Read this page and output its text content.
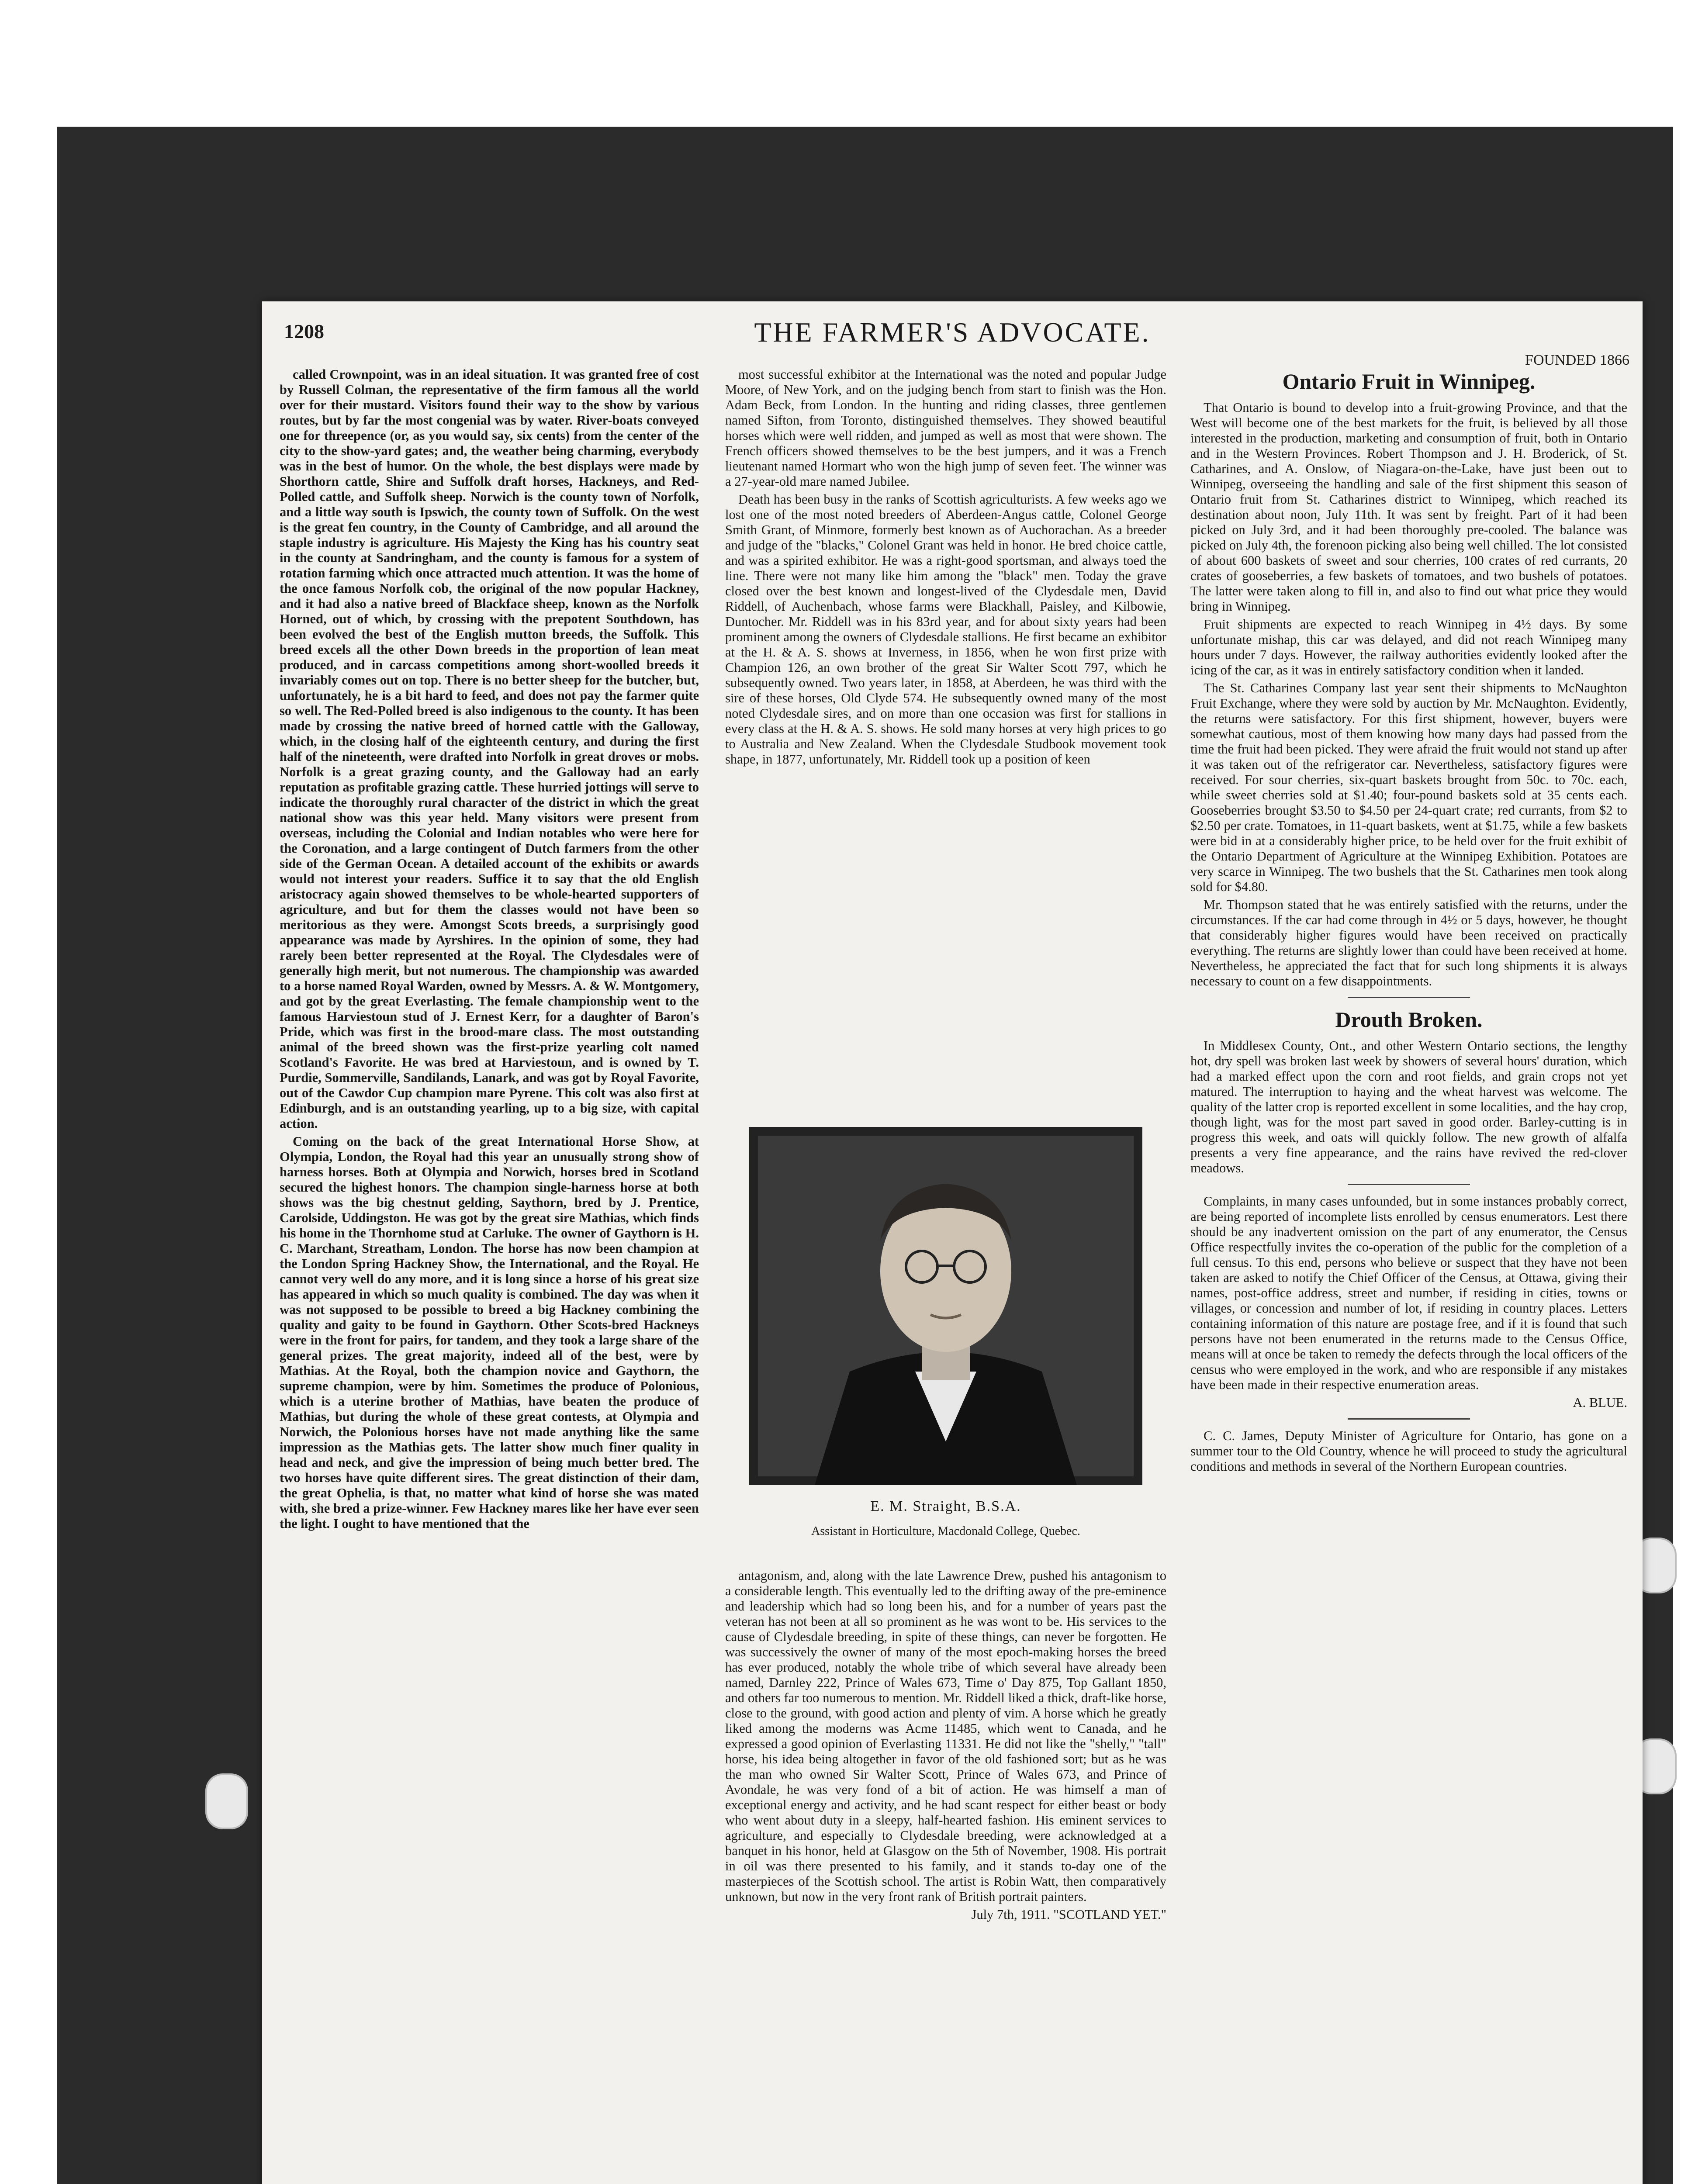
1208	THE FARMER'S ADVOCATE.
FOUNDED 1866

called Crownpoint, was in an ideal situation. It was granted free of cost by Russell Colman, the representative of the firm famous all the world over for their mustard. Visitors found their way to the show by various routes, but by far the most congenial was by water. River-boats conveyed one for threepence (or, as you would say, six cents) from the center of the city to the show-yard gates; and, the weather being charming, everybody was in the best of humor. On the whole, the best displays were made by Shorthorn cattle, Shire and Suffolk draft horses, Hackneys, and Red-Polled cattle, and Suffolk sheep. Norwich is the county town of Norfolk, and a little way south is Ipswich, the county town of Suffolk. On the west is the great fen country, in the County of Cambridge, and all around the staple industry is agriculture. His Majesty the King has his country seat in the county at Sandringham, and the county is famous for a system of rotation farming which once attracted much attention. It was the home of the once famous Norfolk cob, the original of the now popular Hackney, and it had also a native breed of Blackface sheep, known as the Norfolk Horned, out of which, by crossing with the prepotent Southdown, has been evolved the best of the English mutton breeds, the Suffolk. This breed excels all the other Down breeds in the proportion of lean meat produced, and in carcass competitions among short-woolled breeds it invariably comes out on top. There is no better sheep for the butcher, but, unfortunately, he is a bit hard to feed, and does not pay the farmer quite so well. The Red-Polled breed is also indigenous to the county. It has been made by crossing the native breed of horned cattle with the Galloway, which, in the closing half of the eighteenth century, and during the first half of the nineteenth, were drafted into Norfolk in great droves or mobs. Norfolk is a great grazing county, and the Galloway had an early reputation as profitable grazing cattle. These hurried jottings will serve to indicate the thoroughly rural character of the district in which the great national show was this year held. Many visitors were present from overseas, including the Colonial and Indian notables who were here for the Coronation, and a large contingent of Dutch farmers from the other side of the German Ocean. A detailed account of the exhibits or awards would not interest your readers. Suffice it to say that the old English aristocracy again showed themselves to be whole-hearted supporters of agriculture, and but for them the classes would not have been so meritorious as they were. Amongst Scots breeds, a surprisingly good appearance was made by Ayrshires. In the opinion of some, they had rarely been better represented at the Royal. The Clydesdales were of generally high merit, but not numerous. The championship was awarded to a horse named Royal Warden, owned by Messrs. A. & W. Montgomery, and got by the great Everlasting. The female championship went to the famous Harviestoun stud of J. Ernest Kerr, for a daughter of Baron's Pride, which was first in the brood-mare class. The most outstanding animal of the breed shown was the first-prize yearling colt named Scotland's Favorite. He was bred at Harviestoun, and is owned by T. Purdie, Sommerville, Sandilands, Lanark, and was got by Royal Favorite, out of the Cawdor Cup champion mare Pyrene. This colt was also first at Edinburgh, and is an outstanding yearling, up to a big size, with capital action.

Coming on the back of the great International Horse Show, at Olympia, London, the Royal had this year an unusually strong show of harness horses. Both at Olympia and Norwich, horses bred in Scotland secured the highest honors. The champion single-harness horse at both shows was the big chestnut gelding, Saythorn, bred by J. Prentice, Carolside, Uddingston. He was got by the great sire Mathias, which finds his home in the Thornhome stud at Carluke. The owner of Gaythorn is H. C. Marchant, Streatham, London. The horse has now been champion at the London Spring Hackney Show, the International, and the Royal. He cannot very well do any more, and it is long since a horse of his great size has appeared in which so much quality is combined. The day was when it was not supposed to be possible to breed a big Hackney combining the quality and gaity to be found in Gaythorn. Other Scots-bred Hackneys were in the front for pairs, for tandem, and they took a large share of the general prizes. The great majority, indeed all of the best, were by Mathias. At the Royal, both the champion novice and Gaythorn, the supreme champion, were by him. Sometimes the produce of Polonious, which is a uterine brother of Mathias, have beaten the produce of Mathias, but during the whole of these great contests, at Olympia and Norwich, the Polonious horses have not made anything like the same impression as the Mathias gets. The latter show much finer quality in head and neck, and give the impression of being much better bred. The two horses have quite different sires. The great distinction of their dam, the great Ophelia, is that, no matter what kind of horse she was mated with, she bred a prize-winner. Few Hackney mares like her have ever seen the light. I ought to have mentioned that the

most successful exhibitor at the International was the noted and popular Judge Moore, of New York, and on the judging bench from start to finish was the Hon. Adam Beck, from London. In the hunting and riding classes, three gentlemen named Sifton, from Toronto, distinguished themselves. They showed beautiful horses which were well ridden, and jumped as well as most that were shown. The French officers showed themselves to be the best jumpers, and it was a French lieutenant named Hormart who won the high jump of seven feet. The winner was a 27-year-old mare named Jubilee.

Death has been busy in the ranks of Scottish agriculturists. A few weeks ago we lost one of the most noted breeders of Aberdeen-Angus cattle, Colonel George Smith Grant, of Minmore, formerly best known as of Auchorachan. As a breeder and judge of the "blacks," Colonel Grant was held in honor. He bred choice cattle, and was a spirited exhibitor. He was a right-good sportsman, and always toed the line. There were not many like him among the "black" men. Today the grave closed over the best known and longest-lived of the Clydesdale men, David Riddell, of Auchenbach, whose farms were Blackhall, Paisley, and Kilbowie, Duntocher. Mr. Riddell was in his 83rd year, and for about sixty years had been prominent among the owners of Clydesdale stallions. He first became an exhibitor at the H. & A. S. shows at Inverness, in 1856, when he won first prize with Champion 126, an own brother of the great Sir Walter Scott 797, which he subsequently owned. Two years later, in 1858, at Aberdeen, he was third with the sire of these horses, Old Clyde 574. He subsequently owned many of the most noted Clydesdale sires, and on more than one occasion was first for stallions in every class at the H. & A. S. shows. He sold many horses at very high prices to go to Australia and New Zealand. When the Clydesdale Studbook movement took shape, in 1877, unfortunately, Mr. Riddell took up a position of keen

E. M. Straight, B.S.A.
Assistant in Horticulture, Macdonald College, Quebec.

antagonism, and, along with the late Lawrence Drew, pushed his antagonism to a considerable length. This eventually led to the drifting away of the pre-eminence and leadership which had so long been his, and for a number of years past the veteran has not been at all so prominent as he was wont to be. His services to the cause of Clydesdale breeding, in spite of these things, can never be forgotten. He was successively the owner of many of the most epoch-making horses the breed has ever produced, notably the whole tribe of which several have already been named, Darnley 222, Prince of Wales 673, Time o' Day 875, Top Gallant 1850, and others far too numerous to mention. Mr. Riddell liked a thick, draft-like horse, close to the ground, with good action and plenty of vim. A horse which he greatly liked among the moderns was Acme 11485, which went to Canada, and he expressed a good opinion of Everlasting 11331. He did not like the "shelly," "tall" horse, his idea being altogether in favor of the old fashioned sort; but as he was the man who owned Sir Walter Scott, Prince of Wales 673, and Prince of Avondale, he was very fond of a bit of action. He was himself a man of exceptional energy and activity, and he had scant respect for either beast or body who went about duty in a sleepy, half-hearted fashion. His eminent services to agriculture, and especially to Clydesdale breeding, were acknowledged at a banquet in his honor, held at Glasgow on the 5th of November, 1908. His portrait in oil was there presented to his family, and it stands to-day one of the masterpieces of the Scottish school. The artist is Robin Watt, then comparatively unknown, but now in the very front rank of British portrait painters.

July 7th, 1911. "SCOTLAND YET."

Ontario Fruit in Winnipeg.

That Ontario is bound to develop into a fruit-growing Province, and that the West will become one of the best markets for the fruit, is believed by all those interested in the production, marketing and consumption of fruit, both in Ontario and in the Western Provinces. Robert Thompson and J. H. Broderick, of St. Catharines, and A. Onslow, of Niagara-on-the-Lake, have just been out to Winnipeg, overseeing the handling and sale of the first shipment this season of Ontario fruit from St. Catharines district to Winnipeg, which reached its destination about noon, July 11th. It was sent by freight. Part of it had been picked on July 3rd, and it had been thoroughly pre-cooled. The balance was picked on July 4th, the forenoon picking also being well chilled. The lot consisted of about 600 baskets of sweet and sour cherries, 100 crates of red currants, 20 crates of gooseberries, a few baskets of tomatoes, and two bushels of potatoes. The latter were taken along to fill in, and also to find out what price they would bring in Winnipeg.

Fruit shipments are expected to reach Winnipeg in 4½ days. By some unfortunate mishap, this car was delayed, and did not reach Winnipeg many hours under 7 days. However, the railway authorities evidently looked after the icing of the car, as it was in entirely satisfactory condition when it landed.

The St. Catharines Company last year sent their shipments to McNaughton Fruit Exchange, where they were sold by auction by Mr. McNaughton. Evidently, the returns were satisfactory. For this first shipment, however, buyers were somewhat cautious, most of them knowing how many days had passed from the time the fruit had been picked. They were afraid the fruit would not stand up after it was taken out of the refrigerator car. Nevertheless, satisfactory figures were received. For sour cherries, six-quart baskets brought from 50c. to 70c. each, while sweet cherries sold at $1.40; four-pound baskets sold at 35 cents each. Gooseberries brought $3.50 to $4.50 per 24-quart crate; red currants, from $2 to $2.50 per crate. Tomatoes, in 11-quart baskets, went at $1.75, while a few baskets were bid in at a considerably higher price, to be held over for the fruit exhibit of the Ontario Department of Agriculture at the Winnipeg Exhibition. Potatoes are very scarce in Winnipeg. The two bushels that the St. Catharines men took along sold for $4.80.

Mr. Thompson stated that he was entirely satisfied with the returns, under the circumstances. If the car had come through in 4½ or 5 days, however, he thought that considerably higher figures would have been received on practically everything. The returns are slightly lower than could have been received at home. Nevertheless, he appreciated the fact that for such long shipments it is always necessary to count on a few disappointments.

Drouth Broken.

In Middlesex County, Ont., and other Western Ontario sections, the lengthy hot, dry spell was broken last week by showers of several hours' duration, which had a marked effect upon the corn and root fields, and grain crops not yet matured. The interruption to haying and the wheat harvest was welcome. The quality of the latter crop is reported excellent in some localities, and the hay crop, though light, was for the most part saved in good order. Barley-cutting is in progress this week, and oats will quickly follow. The new growth of alfalfa presents a very fine appearance, and the rains have revived the red-clover meadows.

Complaints, in many cases unfounded, but in some instances probably correct, are being reported of incomplete lists enrolled by census enumerators. Lest there should be any inadvertent omission on the part of any enumerator, the Census Office respectfully invites the co-operation of the public for the completion of a full census. To this end, persons who believe or suspect that they have not been taken are asked to notify the Chief Officer of the Census, at Ottawa, giving their names, post-office address, street and number, if residing in cities, towns or villages, or concession and number of lot, if residing in country places. Letters containing information of this nature are postage free, and if it is found that such persons have not been enumerated in the returns made to the Census Office, means will at once be taken to remedy the defects through the local officers of the census who were employed in the work, and who are responsible if any mistakes have been made in their respective enumeration areas.

A. BLUE.

C. C. James, Deputy Minister of Agriculture for Ontario, has gone on a summer tour to the Old Country, whence he will proceed to study the agricultural conditions and methods in several of the Northern European countries.
